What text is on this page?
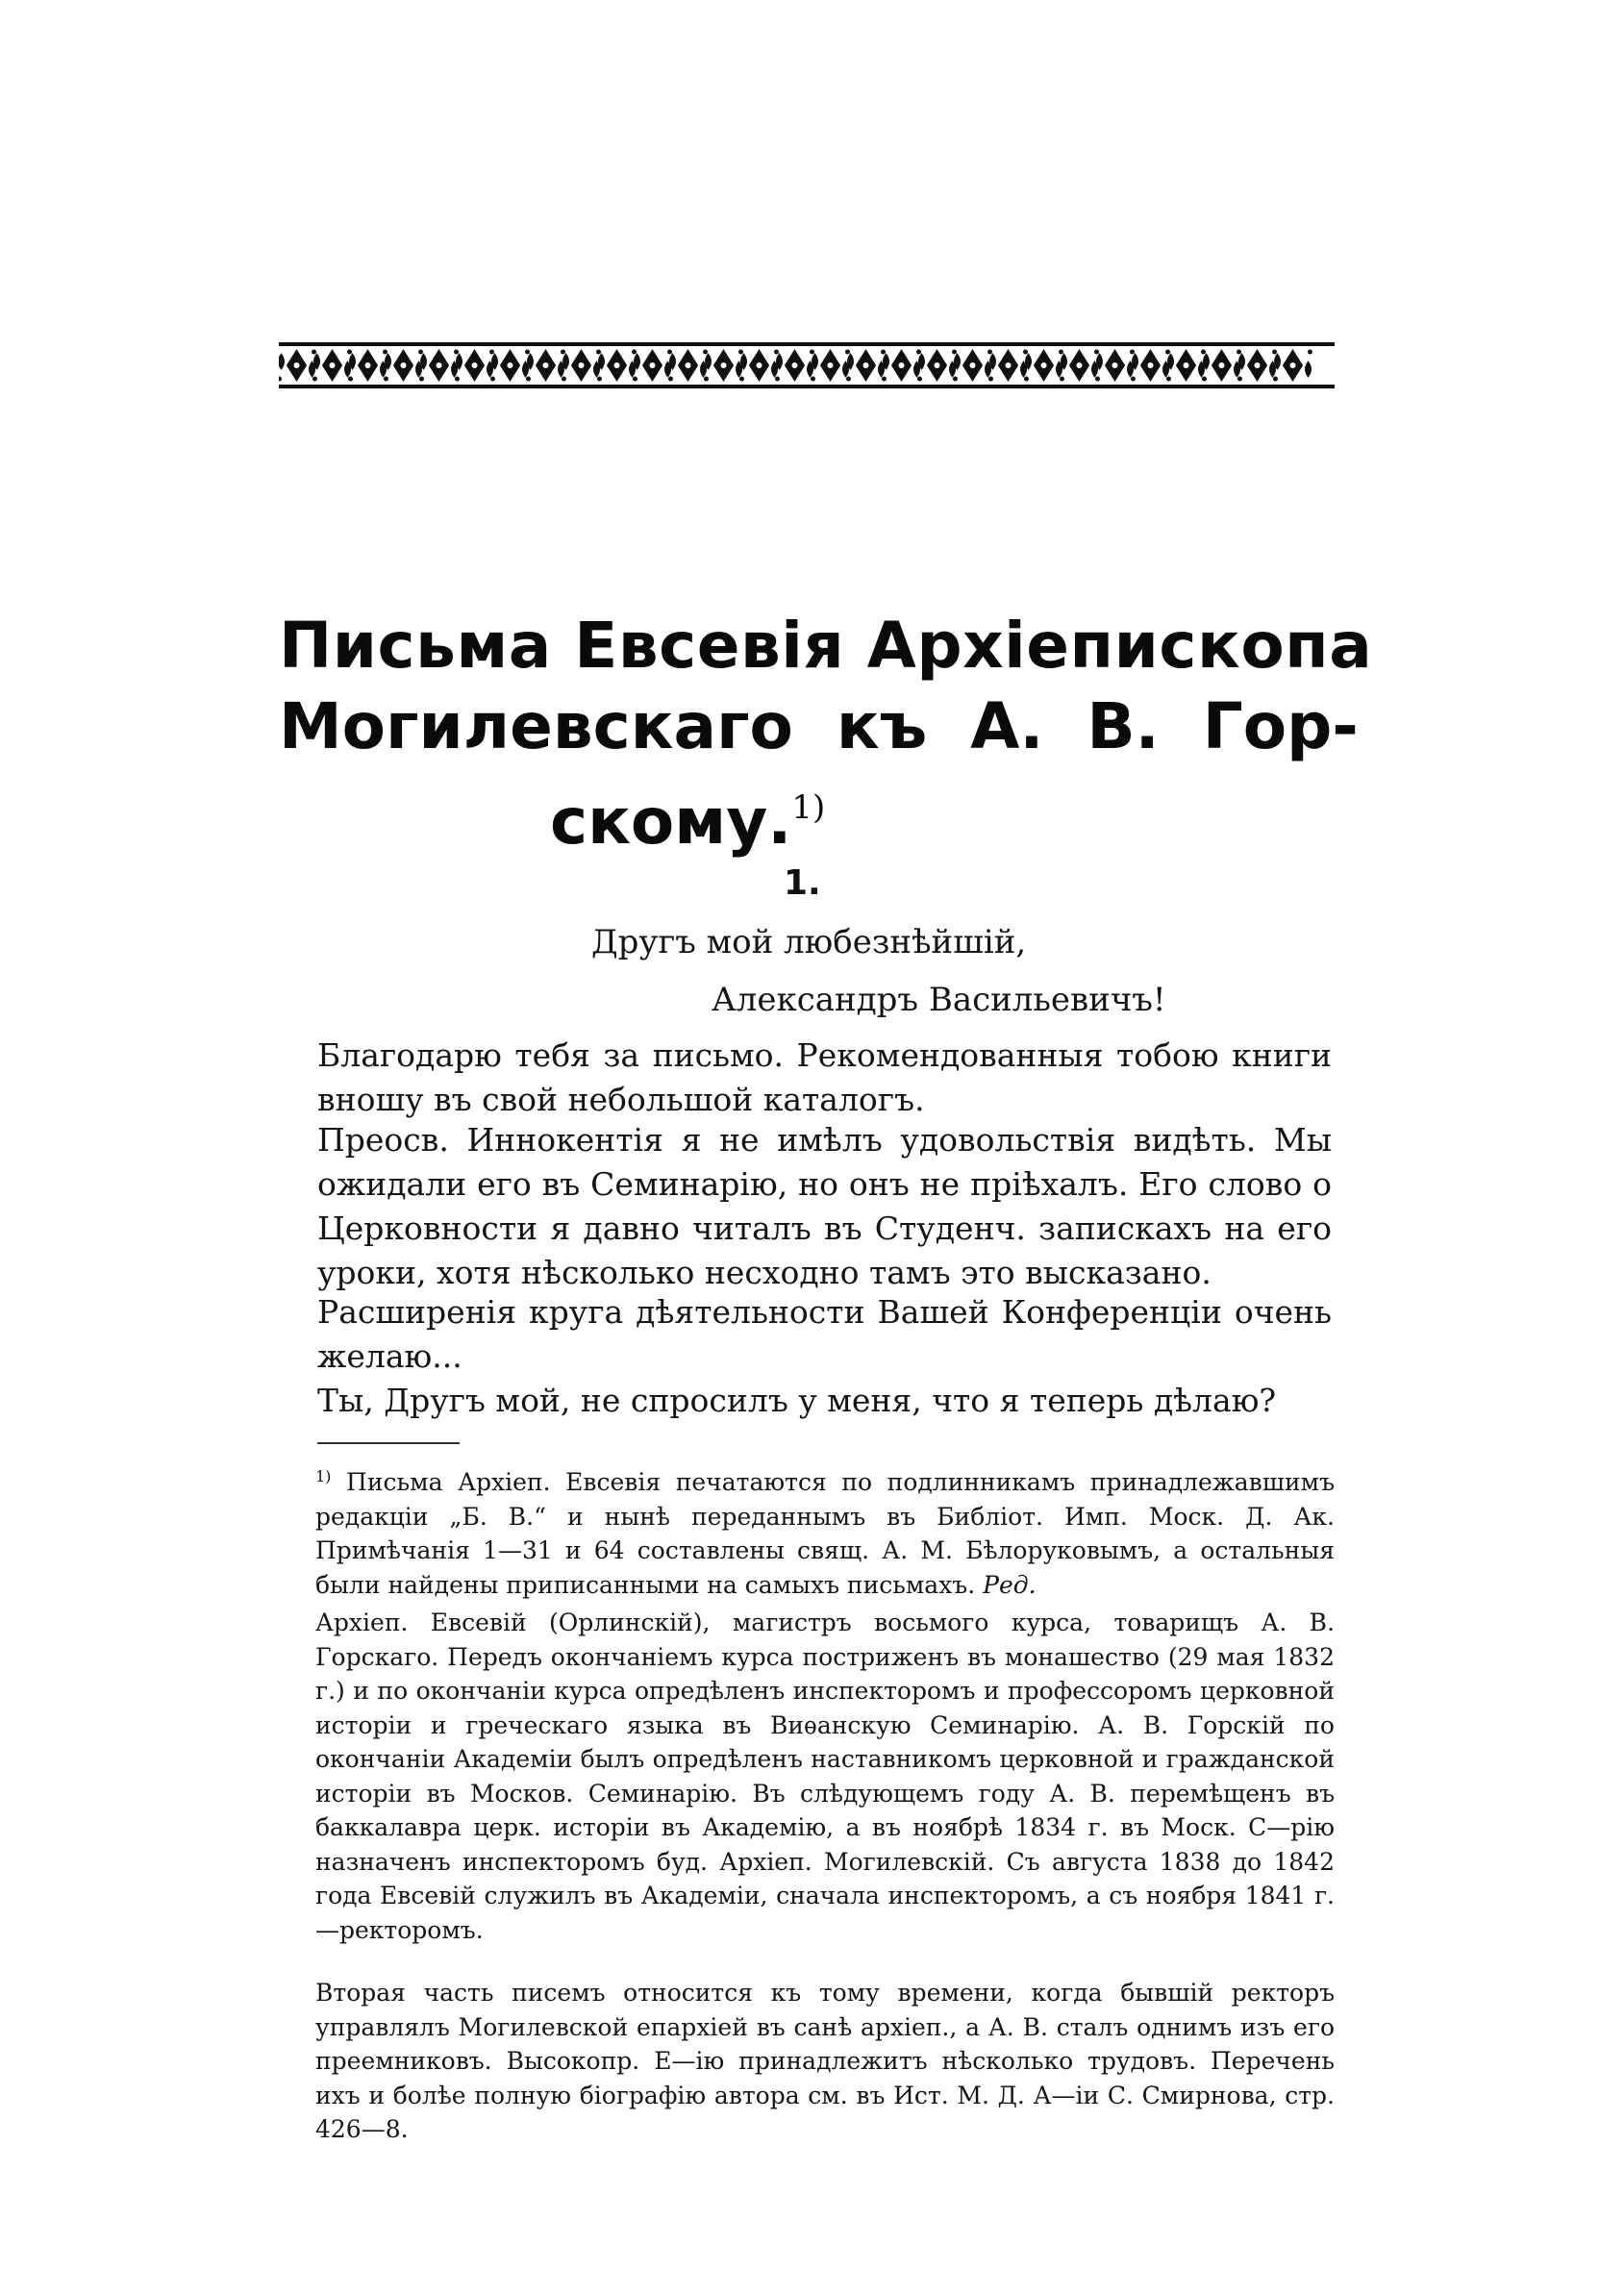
Письма Евсевія Архіепископа
Могилевскаго къ А. В. Гор-
скому.$^{1)}$
1.
Другъ мой любезнѣйшій,
Александръ Васильевичъ!

Благодарю тебя за письмо. Рекомендованныя тобою книги вношу въ свой небольшой каталогъ.

Преосв. Иннокентія я не имѣлъ удовольствія видѣть. Мы ожидали его въ Семинарію, но онъ не пріѣхалъ. Его слово о Церковности я давно читалъ въ Студенч. запискахъ на его уроки, хотя нѣсколько несходно тамъ это высказано.

Расширенія круга дѣятельности Вашей Конференціи очень желаю...

Ты, Другъ мой, не спросилъ у меня, что я теперь дѣлаю?

$^{1)}$ Письма Архіеп. Евсевія печатаются по подлинникамъ принадлежавшимъ редакціи „Б. В.“ и нынѣ переданнымъ въ Библіот. Имп. Моск. Д. Ак. Примѣчанія 1—31 и 64 составлены свящ. А. М. Бѣлоруковымъ, а остальныя были найдены приписанными на самыхъ письмахъ. Ред.

Архіеп. Евсевій (Орлинскій), магистръ восьмого курса, товарищъ А. В. Горскаго. Передъ окончаніемъ курса постриженъ въ монашество (29 мая 1832 г.) и по окончаніи курса опредѣленъ инспекторомъ и профессоромъ церковной исторіи и греческаго языка въ Виѳанскую Семинарію. А. В. Горскій по окончаніи Академіи былъ опредѣленъ наставникомъ церковной и гражданской исторіи въ Москов. Семинарію. Въ слѣдующемъ году А. В. перемѣщенъ въ баккалавра церк. исторіи въ Академію, а въ ноябрѣ 1834 г. въ Моск. С—рію назначенъ инспекторомъ буд. Архіеп. Могилевскій. Съ августа 1838 до 1842 года Евсевій служилъ въ Академіи, сначала инспекторомъ, а съ ноября 1841 г.—ректоромъ.

Вторая часть писемъ относится къ тому времени, когда бывшій ректоръ управлялъ Могилевской епархіей въ санѣ архіеп., а А. В. сталъ однимъ изъ его преемниковъ. Высокопр. Е—ію принадлежитъ нѣсколько трудовъ. Перечень ихъ и болѣе полную біографію автора см. въ Ист. М. Д. А—іи С. Смирнова, стр. 426—8.
